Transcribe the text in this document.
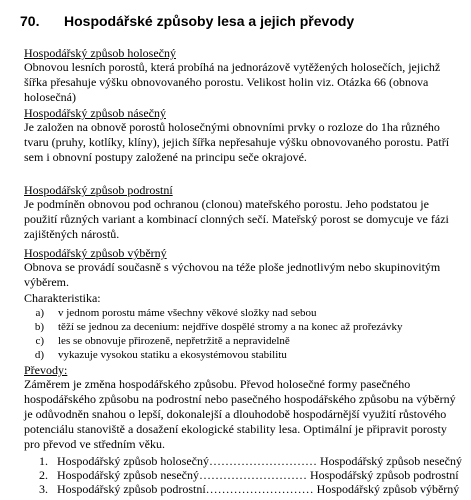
70. Hospodářské způsoby lesa a jejich převody
Hospodářský způsob holosečný
Obnovou lesních porostů, která probíhá na jednorázově vytěžených holosečích, jejichž šířka přesahuje výšku obnovovaného porostu. Velikost holin viz. Otázka 66 (obnova holosečná)
Hospodářský způsob násečný
Je založen na obnově porostů holosečnými obnovními prvky o rozloze do 1ha různého tvaru (pruhy, kotlíky, klíny), jejich šířka nepřesahuje výšku obnovovaného porostu. Patří sem i obnovní postupy založené na principu seče okrajové.
Hospodářský způsob podrostní
Je podmíněn obnovou pod ochranou (clonou) mateřského porostu. Jeho podstatou je použití různých variant a kombinací clonných sečí. Mateřský porost se domycuje ve fázi zajištěných nárostů.
Hospodářský způsob výběrný
Obnova se provádí současně s výchovou na téže ploše jednotlivým nebo skupinovitým výběrem.
Charakteristika:
a) v jednom porostu máme všechny věkové složky nad sebou
b) těží se jednou za decenium: nejdříve dospělé stromy a na konec až prořezávky
c) les se obnovuje přirozeně, nepřetržitě a nepravidelně
d) vykazuje vysokou statiku a ekosystémovou stabilitu
Převody:
Záměrem je změna hospodářského způsobu. Převod holosečné formy pasečného hospodářského způsobu na podrostní nebo pasečného hospodářského způsobu na výběrný je odůvodněn snahou o lepší, dokonalejší a dlouhodobě hospodárnější využití růstového potenciálu stanoviště a dosažení ekologické stability lesa. Optimální je připravit porosty pro převod ve středním věku.
1. Hospodářský způsob holosečný……………………… Hospodářský způsob nesečný
2. Hospodářský způsob nesečný……………………… Hospodářský způsob podrostní
3. Hospodářský způsob podrostní……………………… Hospodářský způsob výběrný
